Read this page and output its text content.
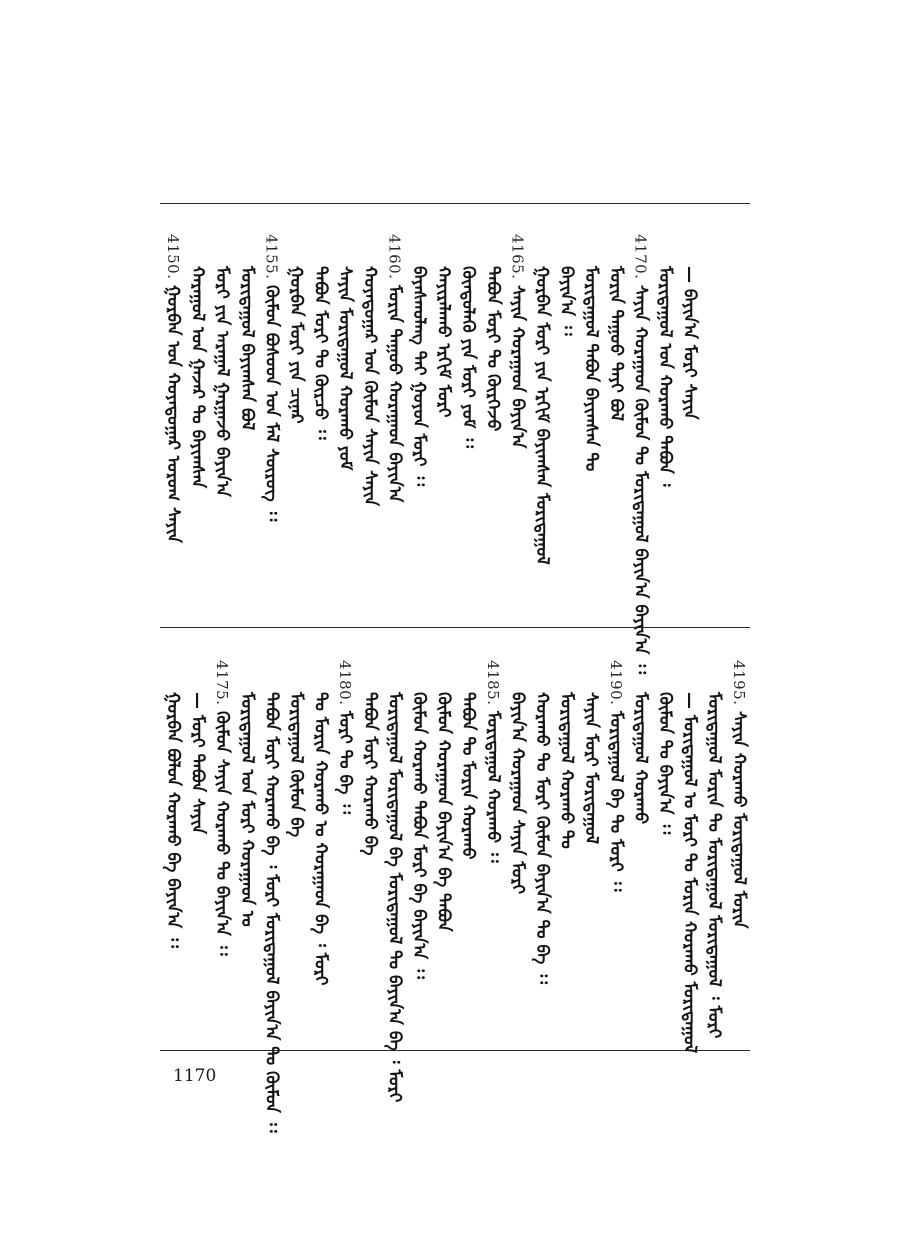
4150.
ᠭᠤᠷᠪᠠᠨ ᠤᠨ ᠬᠤᠶᠠᠳᠤᠭᠠᠷ ᠤᠷᠤᠭ ᠰᠠᠶᠢᠨ ᠬᠠᠷᠠᠭᠤᠯ ᠤᠨ ᠭᠠᠵᠠᠷ ᠲᠤ ᠪᠠᠶᠢᠭᠰᠠᠨ ᠮᠣᠷᠢ ᠶᠢᠨ ᠠᠷᠠᠭᠠᠯ ᠭᠠᠷᠭᠠᠵᠤ ᠪᠠᠶᠢᠨ᠎ᠠ ᠮᠣᠷᠢᠳᠠᠭᠤᠯ ᠪᠠᠶᠢᠭᠰᠠᠨ ᠪᠤᠯ
4155.
ᠬᠦᠮᠦᠨ ᠪᠤᠰᠤᠳ ᠤᠨ ᠮᠠᠯ ᠰᠦᠷᠦᠭ ᠄᠄ ᠭᠤᠷᠪᠠᠨ ᠮᠣᠷᠢ ᠶᠢᠨ ᠴᠢᠨᠠᠷ ᠲᠠᠪᠤᠨ ᠮᠣᠷᠢ ᠲᠤ ᠬᠦᠷᠴᠦ ᠄᠄ ᠰᠠᠶᠢᠨ ᠮᠣᠷᠢᠳᠠᠭᠤᠯ ᠬᠤᠷᠠᠬᠤ ᠶᠤᠮ ᠬᠣᠶᠠᠳᠤᠭᠠᠷ ᠤᠨ ᠬᠦᠮᠦᠨ ᠰᠠᠶᠢᠨ ᠰᠠᠶᠢᠨ
4160.
ᠮᠣᠷᠢᠨ ᠳᠠᠭᠤᠤ ᠬᠤᠷᠠᠭᠠᠳ ᠪᠠᠶᠢᠨ᠎ᠠ ᠪᠠᠶᠠᠰᠬᠤᠯᠠᠩ ᠲᠠᠢ ᠭᠤᠶᠤᠨ ᠮᠣᠷᠢ ᠄᠄ ᠬᠠᠶᠢᠷᠠᠯᠠᠬᠤ ᠡᠷᠬᠢᠮ ᠮᠣᠷᠢ ᠬᠦᠨᠳᠦᠯᠡᠬᠦ ᠶᠢᠨ ᠮᠣᠷᠢ ᠶᠤᠮ ᠄᠄ ᠲᠠᠪᠤᠨ ᠮᠣᠷᠢ ᠲᠤ ᠬᠦᠷᠬᠡᠵᠦ
4165.
ᠰᠠᠶᠢᠨ ᠬᠤᠷᠠᠭᠠᠳ ᠪᠠᠶᠢᠨ᠎ᠠ ᠭᠤᠷᠪᠠᠨ ᠮᠣᠷᠢ ᠶᠢᠨ ᠡᠷᠬᠢᠮ ᠪᠠᠶᠢᠭᠰᠠᠨ ᠮᠣᠷᠢᠳᠠᠭᠤᠯ ᠪᠠᠶᠢᠨ᠎ᠠ ᠄᠄ ᠮᠣᠷᠢᠳᠠᠭᠤᠯ ᠲᠠᠪᠤᠨ ᠪᠠᠶᠢᠭᠰᠠᠨ ᠲᠤ ᠮᠣᠷᠢᠨ ᠳᠠᠭᠤᠤ ᠲᠠᠶᠢ ᠪᠤᠯ
4170.
ᠰᠠᠶᠢᠨ ᠬᠤᠷᠠᠭᠠᠳ ᠬᠦᠮᠦᠨ ᠲᠤ ᠮᠣᠷᠢᠳᠠᠭᠤᠯ ᠪᠠᠶᠢᠨ᠎ᠠ ᠪᠠᠶᠢᠨ᠎ᠠ ᠄᠄ ᠮᠣᠷᠢᠳᠠᠭᠤᠯ ᠤᠨ ᠬᠤᠷᠠᠬᠤ ᠲᠠᠪᠤᠨ ᠄ — ᠪᠠᠶᠢᠨ᠎ᠠ ᠮᠣᠷᠢ ᠰᠠᠶᠢᠨ
ᠭᠤᠷᠪᠠᠨ ᠪᠤᠯᠤᠨ ᠬᠤᠷᠠᠬᠤ ᠪᠠ ᠪᠠᠶᠢᠨ᠎ᠠ ᠄᠄ — ᠮᠣᠷᠢ ᠲᠠᠪᠤᠨ ᠰᠠᠶᠢᠨ
4175.
ᠬᠦᠮᠦᠨ ᠰᠠᠶᠢᠨ ᠬᠤᠷᠠᠬᠤ ᠲᠤ ᠪᠠᠶᠢᠨ᠎ᠠ ᠄᠄ ᠮᠣᠷᠢᠳᠠᠭᠤᠯ ᠤᠨ ᠮᠣᠷᠢ ᠬᠤᠷᠠᠭᠠᠳ ᠤ ᠲᠠᠪᠤᠨ ᠮᠣᠷᠢ ᠬᠤᠷᠠᠬᠤ ᠪᠠ ᠄ ᠮᠣᠷᠢ ᠮᠣᠷᠢᠳᠠᠭᠤᠯ ᠪᠠᠶᠢᠨ᠎ᠠ ᠲᠤ ᠬᠦᠮᠦᠨ ᠄᠄ ᠮᠣᠷᠢᠳᠠᠭᠤᠯ ᠬᠦᠮᠦᠨ ᠪᠠ ᠲᠤ ᠮᠣᠷᠢᠨ ᠬᠤᠷᠠᠬᠤ ᠤ ᠬᠤᠷᠠᠭᠠᠳ ᠪᠠ ᠄ ᠮᠣᠷᠢ
4180.
ᠮᠣᠷᠢ ᠲᠤ ᠪᠠ ᠄᠄ ᠲᠠᠪᠤᠨ ᠮᠣᠷᠢ ᠬᠤᠷᠠᠬᠤ ᠪᠠ ᠮᠣᠷᠢᠳᠠᠭᠤᠯ ᠮᠣᠷᠢᠳᠠᠭᠤᠯ ᠪᠠ ᠮᠣᠷᠢᠳᠠᠭᠤᠯ ᠲᠤ ᠪᠠᠶᠢᠨ᠎ᠠ ᠪᠠ ᠄ ᠮᠣᠷᠢ ᠬᠦᠮᠦᠨ ᠬᠤᠷᠠᠬᠤ ᠲᠠᠪᠤᠨ ᠮᠣᠷᠢ ᠪᠠ ᠪᠠᠶᠢᠨ᠎ᠠ ᠄᠄ ᠬᠦᠮᠦᠨ ᠬᠤᠷᠠᠭᠠᠳ ᠪᠠᠶᠢᠨ᠎ᠠ ᠪᠠ ᠲᠠᠪᠤᠨ ᠲᠠᠪᠤᠨ ᠲᠤ ᠮᠣᠷᠢᠨ ᠬᠤᠷᠠᠬᠤ
4185.
ᠮᠣᠷᠢᠳᠠᠭᠤᠯ ᠬᠤᠷᠠᠬᠤ ᠄᠄ ᠪᠠᠶᠢᠨ᠎ᠠ ᠬᠤᠷᠠᠭᠠᠳ ᠰᠠᠶᠢᠨ ᠮᠣᠷᠢ ᠬᠤᠷᠠᠬᠤ ᠲᠤ ᠮᠣᠷᠢ ᠬᠦᠮᠦᠨ ᠪᠠᠶᠢᠨ᠎ᠠ ᠲᠤ ᠪᠠ ᠄᠄ ᠮᠣᠷᠢᠳᠠᠭᠤᠯ ᠬᠤᠷᠠᠬᠤ ᠲᠤ ᠰᠠᠶᠢᠨ ᠮᠣᠷᠢ ᠮᠣᠷᠢᠳᠠᠭᠤᠯ
4190.
ᠮᠣᠷᠢᠳᠠᠭᠤᠯ ᠪᠠ ᠲᠤ ᠮᠣᠷᠢ ᠄᠄ ᠮᠣᠷᠢᠳᠠᠭᠤᠯ ᠬᠤᠷᠠᠬᠤ ᠬᠦᠮᠦᠨ ᠲᠤ ᠪᠠᠶᠢᠨ᠎ᠠ ᠄᠄ — ᠮᠣᠷᠢᠳᠠᠭᠤᠯ ᠤ ᠮᠣᠷᠢ ᠲᠤ ᠮᠣᠷᠢᠨ ᠬᠤᠷᠠᠬᠤ ᠮᠣᠷᠢᠳᠠᠭᠤᠯ ᠮᠣᠷᠢᠳᠠᠭᠤᠯ ᠮᠣᠷᠢᠨ ᠲᠤ ᠮᠣᠷᠢᠳᠠᠭᠤᠯ ᠮᠣᠷᠢᠳᠠᠭᠤᠯ ᠄ ᠮᠣᠷᠢ
4195.
ᠰᠠᠶᠢᠨ ᠬᠤᠷᠠᠬᠤ ᠮᠣᠷᠢᠳᠠᠭᠤᠯ ᠮᠣᠷᠢᠨ
1170
